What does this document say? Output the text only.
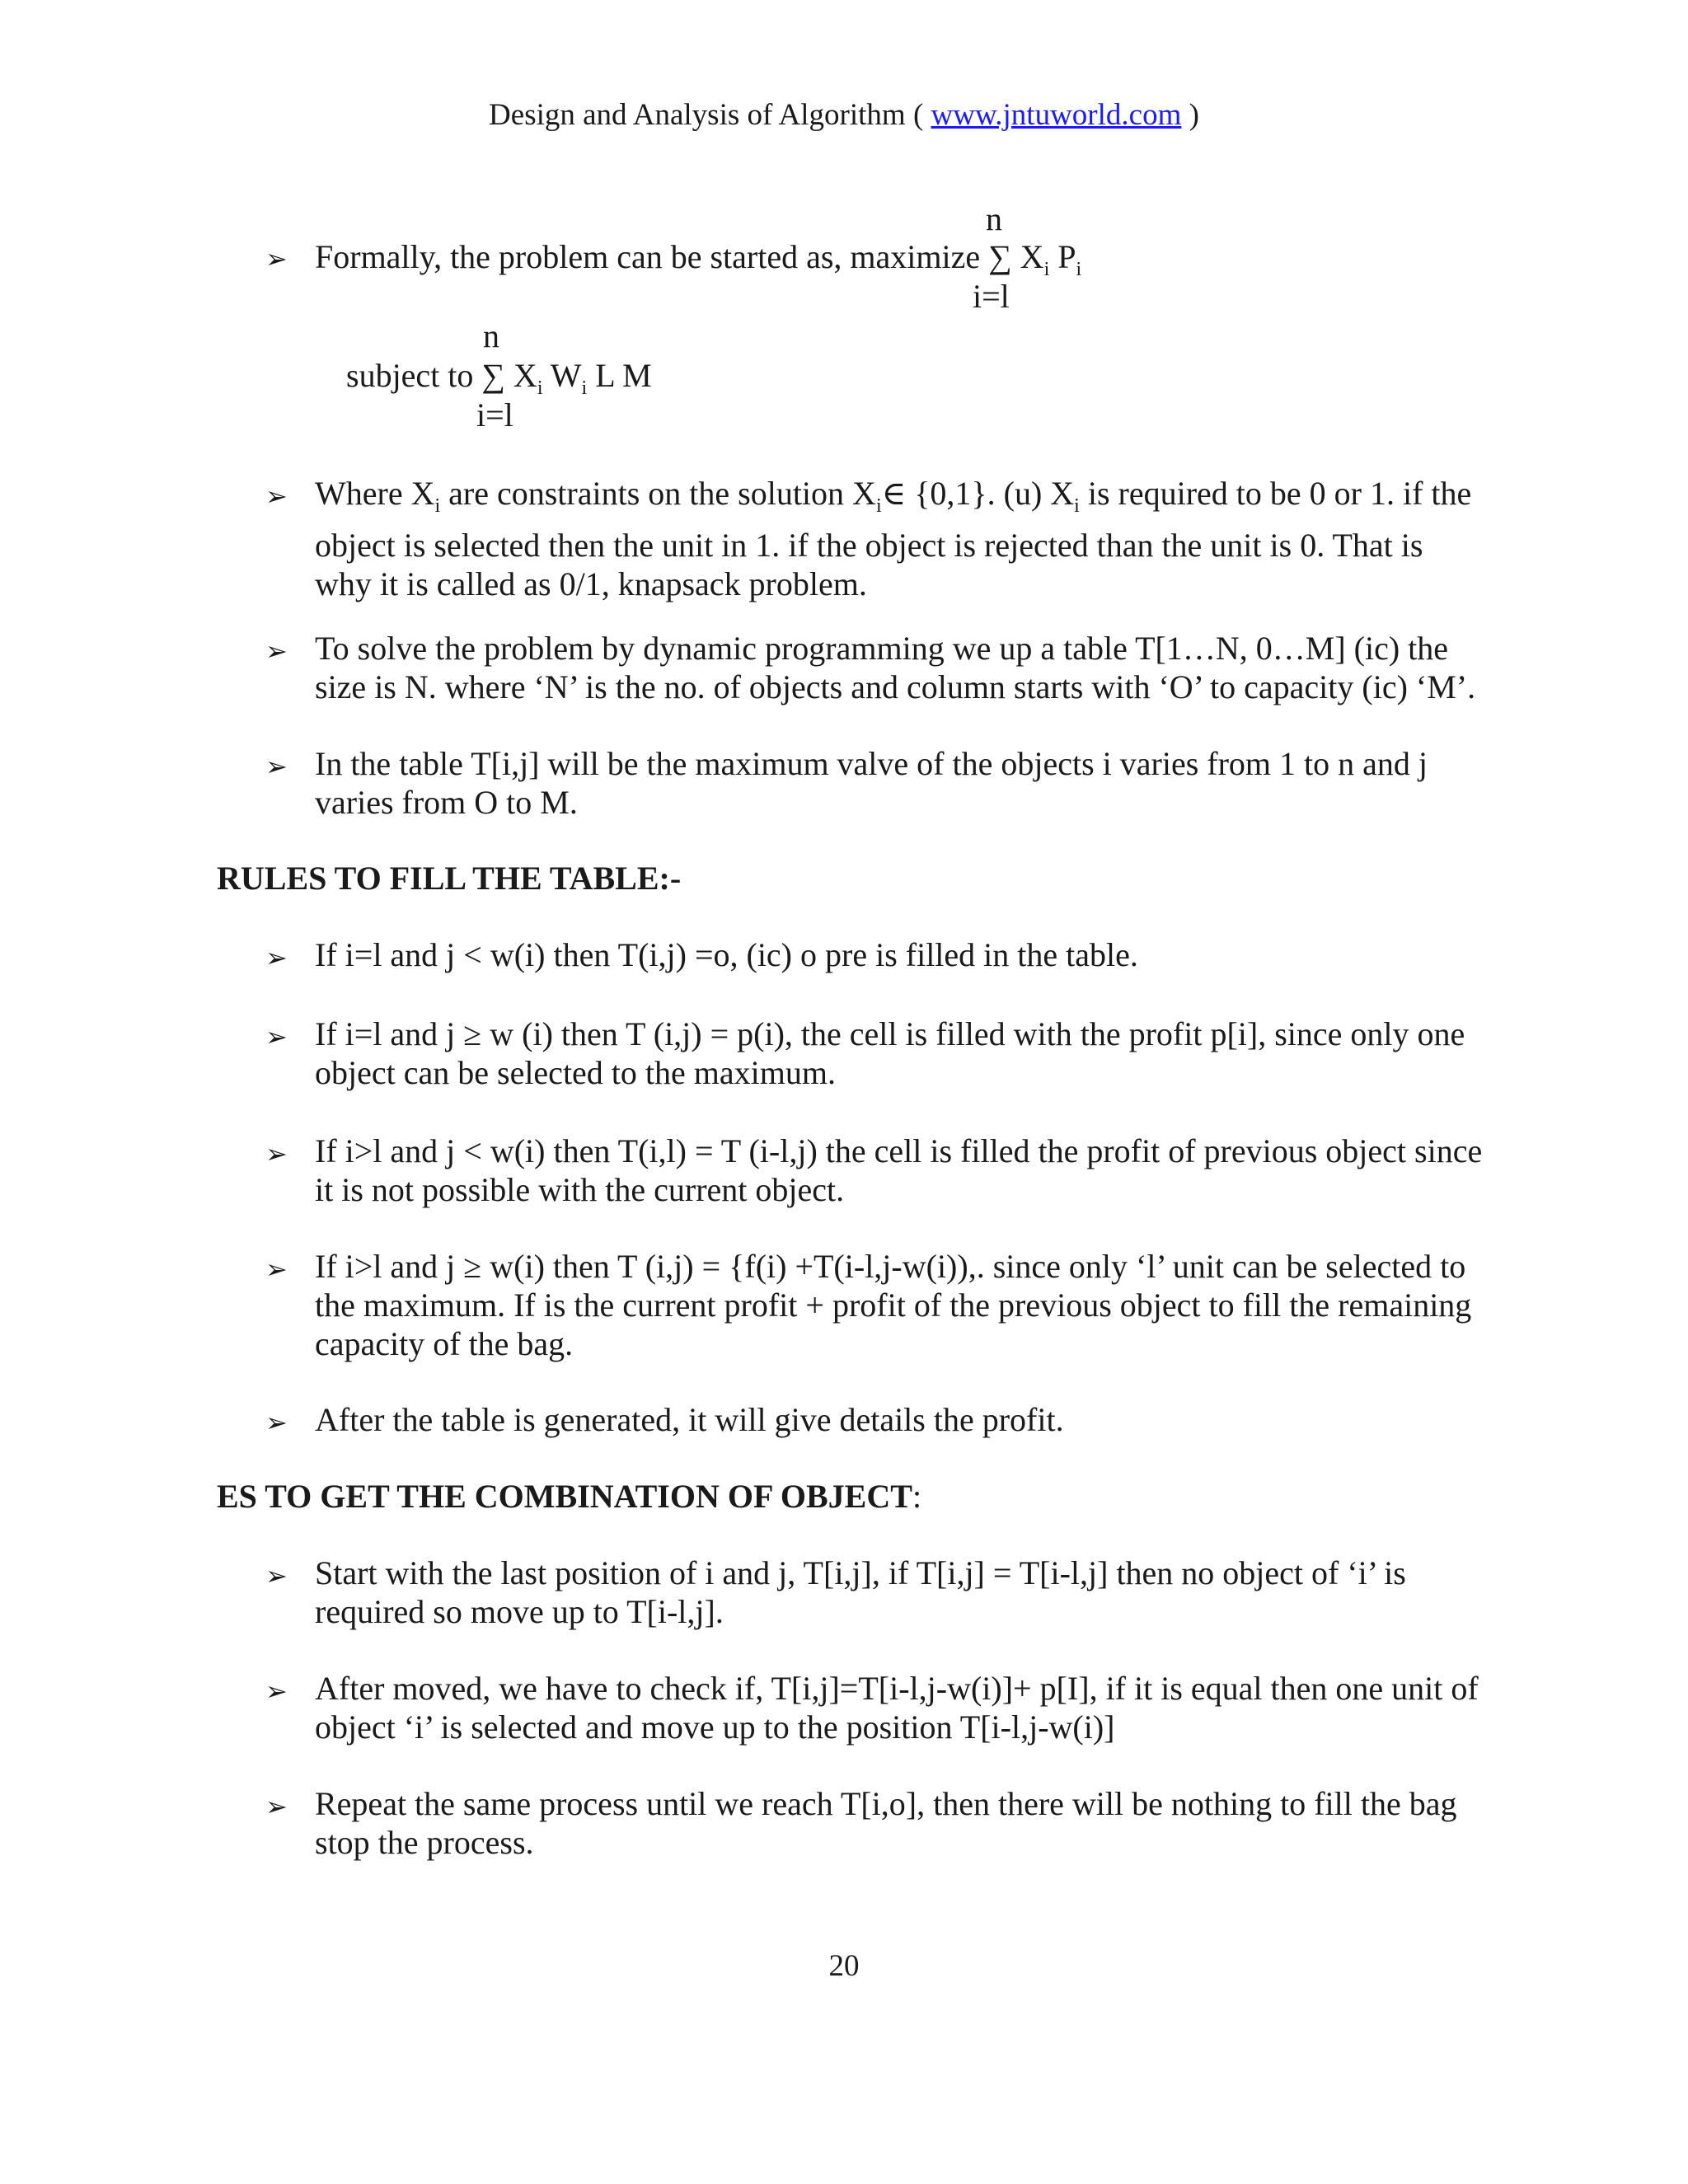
Design and Analysis of Algorithm ( www.jntuworld.com )
➢
n
Formally, the problem can be started as, maximize ∑ $X_i$ $P_i$
i=l
n
subject to ∑ $X_i$ $W_i$ L M
i=l
➢ Where $X_i$ are constraints on the solution $X_i\in$ {0,1}. (u) $X_i$ is required to be 0 or 1. if the object is selected then the unit in 1. if the object is rejected than the unit is 0. That is why it is called as 0/1, knapsack problem.
➢ To solve the problem by dynamic programming we up a table T[1…N, 0…M] (ic) the size is N. where ‘N’ is the no. of objects and column starts with ‘O’ to capacity (ic) ‘M’.
➢ In the table T[i,j] will be the maximum valve of the objects i varies from 1 to n and j varies from O to M.
RULES TO FILL THE TABLE:-
➢ If i=l and j < w(i) then T(i,j) =o, (ic) o pre is filled in the table.
➢ If i=l and j ≥ w (i) then T (i,j) = p(i), the cell is filled with the profit p[i], since only one object can be selected to the maximum.
➢ If i>l and j < w(i) then T(i,l) = T (i-l,j) the cell is filled the profit of previous object since it is not possible with the current object.
➢ If i>l and j ≥ w(i) then T (i,j) = {f(i) +T(i-l,j-w(i)),. since only ‘l’ unit can be selected to the maximum. If is the current profit + profit of the previous object to fill the remaining capacity of the bag.
➢ After the table is generated, it will give details the profit.
ES TO GET THE COMBINATION OF OBJECT:
➢ Start with the last position of i and j, T[i,j], if T[i,j] = T[i-l,j] then no object of ‘i’ is required so move up to T[i-l,j].
➢ After moved, we have to check if, T[i,j]=T[i-l,j-w(i)]+ p[I], if it is equal then one unit of object ‘i’ is selected and move up to the position T[i-l,j-w(i)]
➢ Repeat the same process until we reach T[i,o], then there will be nothing to fill the bag stop the process.
20
